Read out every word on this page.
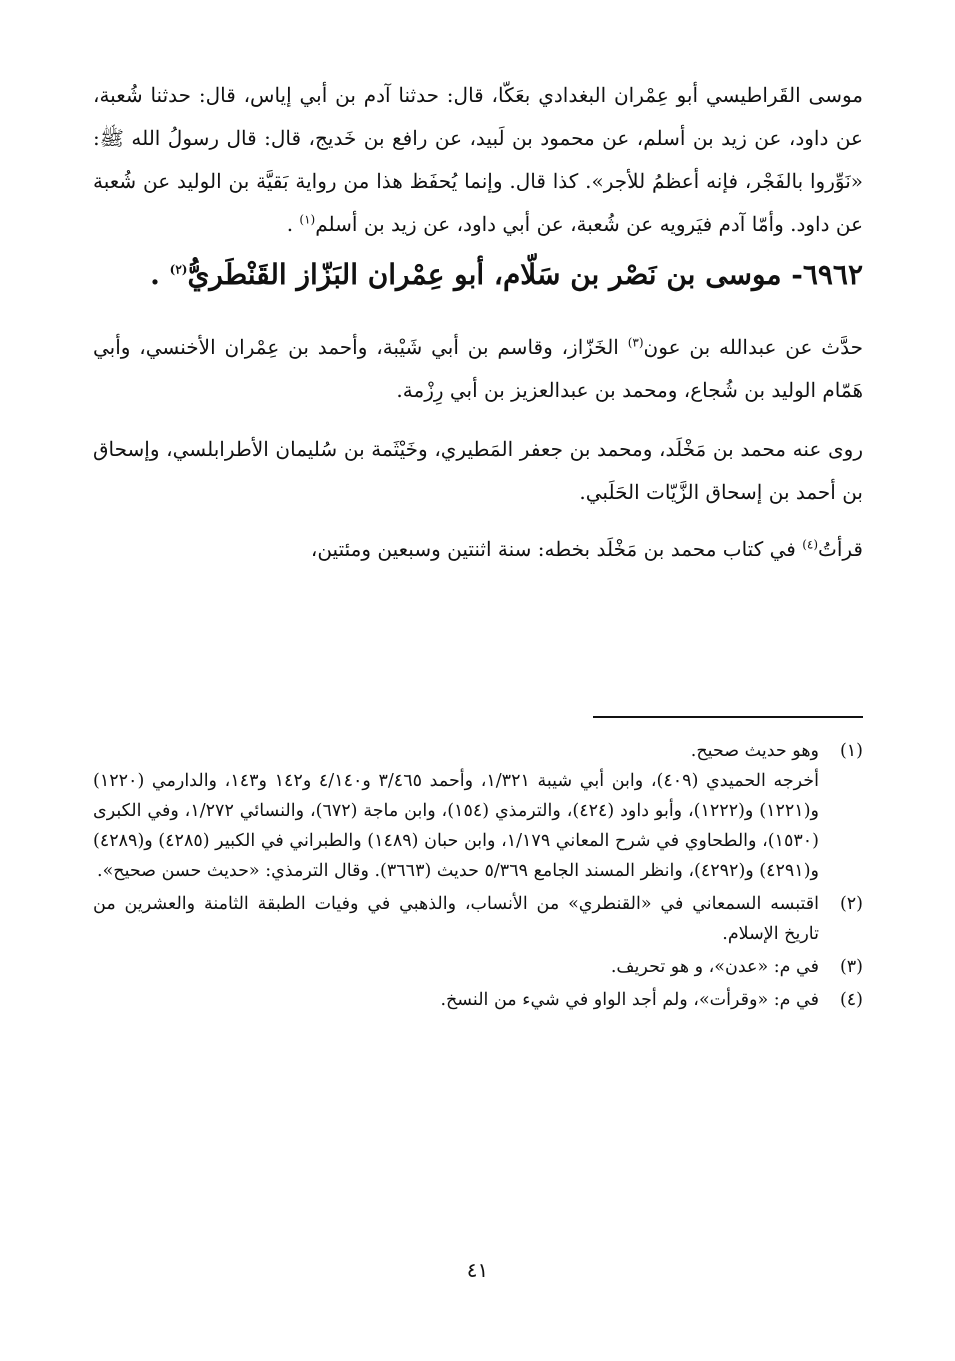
موسى القَراطيسي أبو عِمْران البغدادي بعَكّا، قال: حدثنا آدم بن أبي إياس، قال: حدثنا شُعبة، عن داود، عن زيد بن أسلم، عن محمود بن لَبيد، عن رافع بن خَديج، قال: قال رسولُ الله ﷺ: «نَوِّروا بالفَجْر، فإنه أعظمُ للأجر». كذا قال. وإنما يُحفَظ هذا من رواية بَقيَّة بن الوليد عن شُعبة عن داود. وأمّا آدم فيَرويه عن شُعبة، عن أبي داود، عن زيد بن أسلم$^{(١)}$ .

٦٩٦٢- موسى بن نَصْر بن سَلّام، أبو عِمْران البَزّاز القَنْطَريُّ$^{(٢)}$ .

حدَّث عن عبدالله بن عون$^{(٣)}$ الخَزّاز، وقاسم بن أبي شَيْبة، وأحمد بن عِمْران الأخنسي، وأبي هَمّام الوليد بن شُجاع، ومحمد بن عبدالعزيز بن أبي رِزْمة.

روى عنه محمد بن مَخْلَد، ومحمد بن جعفر المَطيري، وخَيْثَمة بن سُليمان الأطرابلسي، وإسحاق بن أحمد بن إسحاق الزَّيّات الحَلَبي.

قرأتُ$^{(٤)}$ في كتاب محمد بن مَخْلَد بخطه: سنة اثنتين وسبعين ومئتين،

(١)
وهو حديث صحيح.
أخرجه الحميدي (٤٠٩)، وابن أبي شيبة ١/٣٢١، وأحمد ٣/٤٦٥ و٤/١٤٠ و١٤٢ و١٤٣، والدارمي (١٢٢٠) و(١٢٢١) و(١٢٢٢)، وأبو داود (٤٢٤)، والترمذي (١٥٤)، وابن ماجة (٦٧٢)، والنسائي ١/٢٧٢، وفي الكبرى (١٥٣٠)، والطحاوي في شرح المعاني ١/١٧٩، وابن حبان (١٤٨٩) والطبراني في الكبير (٤٢٨٥) و(٤٢٨٩) و(٤٢٩١) و(٤٢٩٢)، وانظر المسند الجامع ٥/٣٦٩ حديث (٣٦٦٣). وقال الترمذي: «حديث حسن صحيح».
(٢)
اقتبسه السمعاني في «القنطري» من الأنساب، والذهبي في وفيات الطبقة الثامنة والعشرين من تاريخ الإسلام.
(٣)
في م: «عدن»، و هو تحريف.
(٤)
في م: «وقرأت»، ولم أجد الواو في شيء من النسخ.
٤١
